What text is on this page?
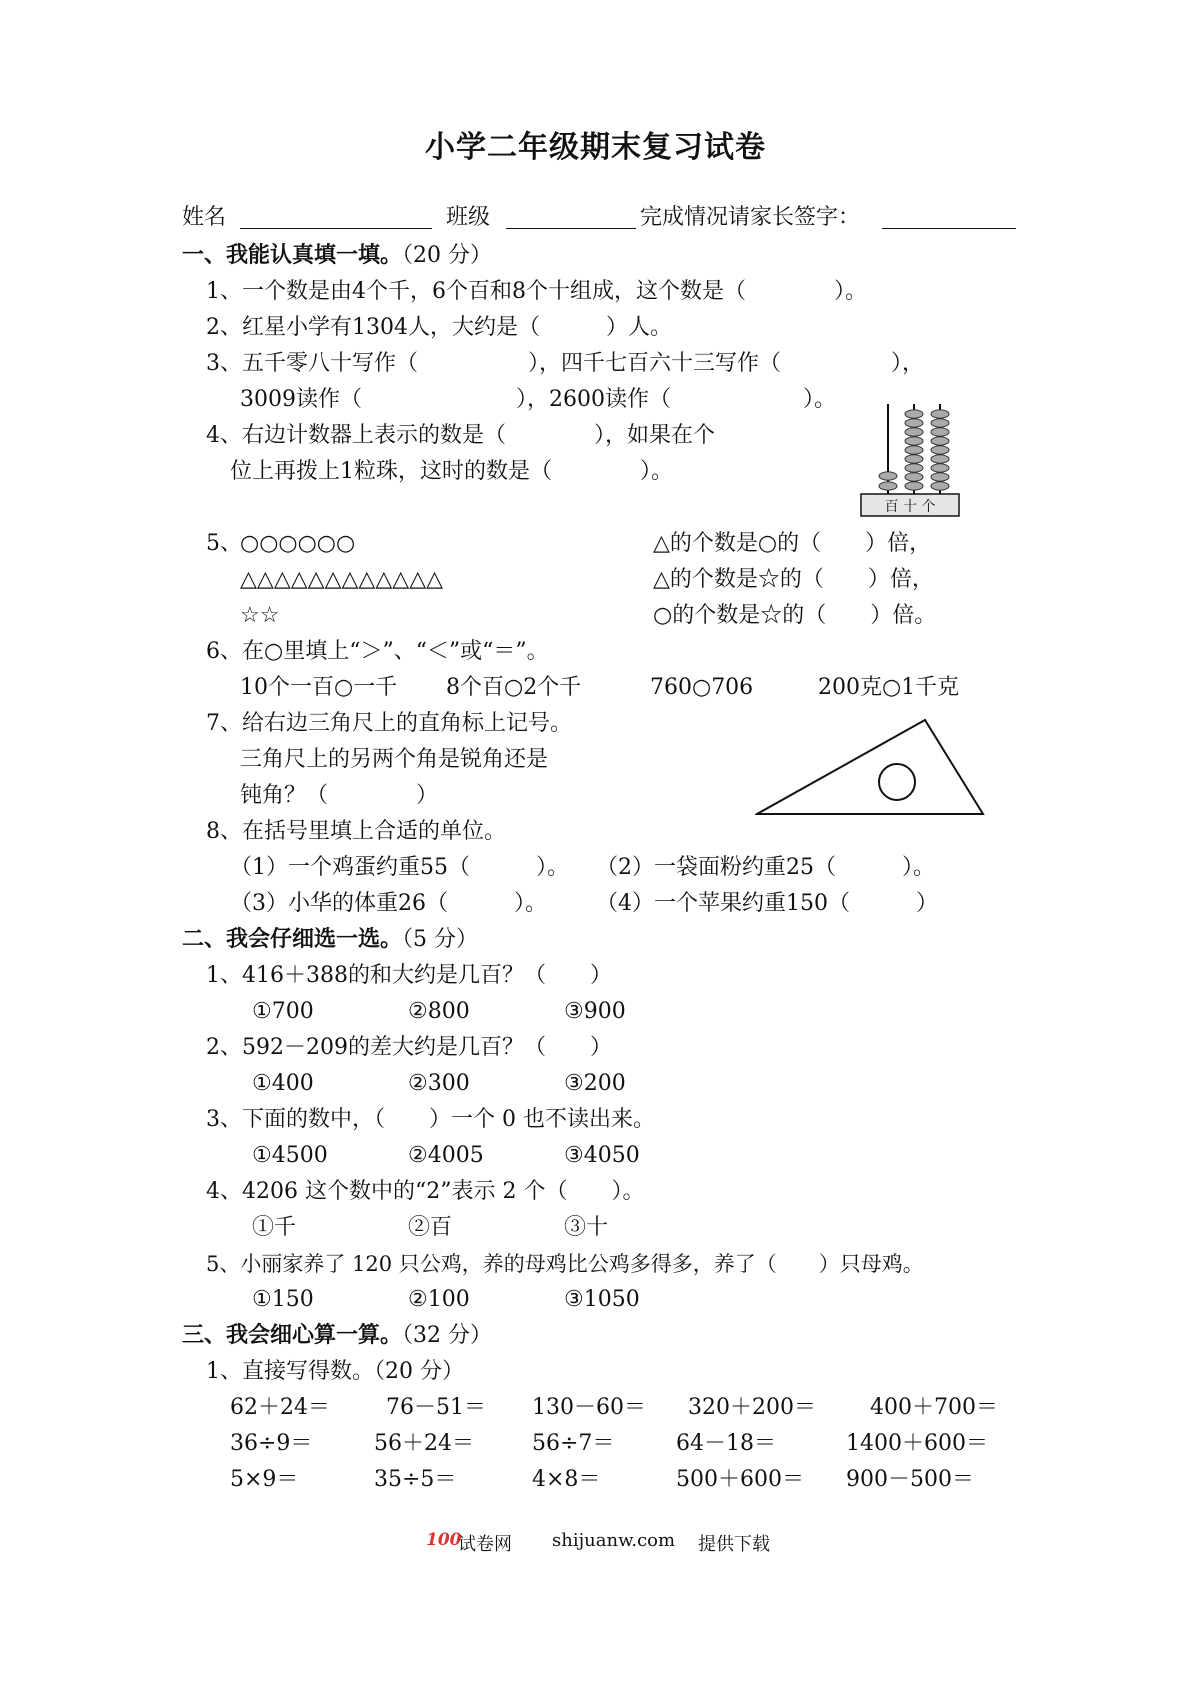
小学二年级期末复习试卷
姓名	班级	完成情况请家长签字：
一、我能认真填一填。（20 分）
1、一个数是由4个千，6个百和8个十组成，这个数是（　　　　）。
2、红星小学有1304人，大约是（　　　）人。
3、五千零八十写作（　　　　　），四千七百六十三写作（　　　　　），
3009读作（　　　　　　　），2600读作（　　　　　　）。
4、右边计数器上表示的数是（　　　　），如果在个
位上再拨上1粒珠，这时的数是（　　　　）。
百 十 个
5、
○○○○○○
△△△△△△△△△△△△
☆☆
△的个数是○的（　　）倍，
△的个数是☆的（　　）倍，
○的个数是☆的（　　）倍。
6、在○里填上“＞”、“＜”或“＝”。
10个一百○一千 8个百○2个千	760○706	200克○1千克
7、给右边三角尺上的直角标上记号。
三角尺上的另两个角是锐角还是
钝角？（　　　　）
8、在括号里填上合适的单位。
（1）一个鸡蛋约重55（　　　）。 （2）一袋面粉约重25（　　　）。
（3）小华的体重26（　　　）。 （4）一个苹果约重150（　　　）
二、我会仔细选一选。（5 分）
1、416＋388的和大约是几百？（　　）
①700	②800	③900
2、592－209的差大约是几百？（　　）
①400	②300	③200
3、下面的数中，（　　）一个 0 也不读出来。
①4500	②4005	③4050
4、4206 这个数中的“2”表示 2 个（　　）。
①千	②百	③十
5、小丽家养了 120 只公鸡，养的母鸡比公鸡多得多，养了（　　）只母鸡。
①150	②100	③1050
三、我会细心算一算。（32 分）
1、直接写得数。（20 分）
62＋24＝	76－51＝ 130－60＝ 320＋200＝ 400＋700＝
36÷9＝	56＋24＝	56÷7＝	64－18＝	1400＋600＝
5×9＝	35÷5＝	4×8＝	500＋600＝ 900－500＝
100
试卷网 shijuanw.com 提供下载
